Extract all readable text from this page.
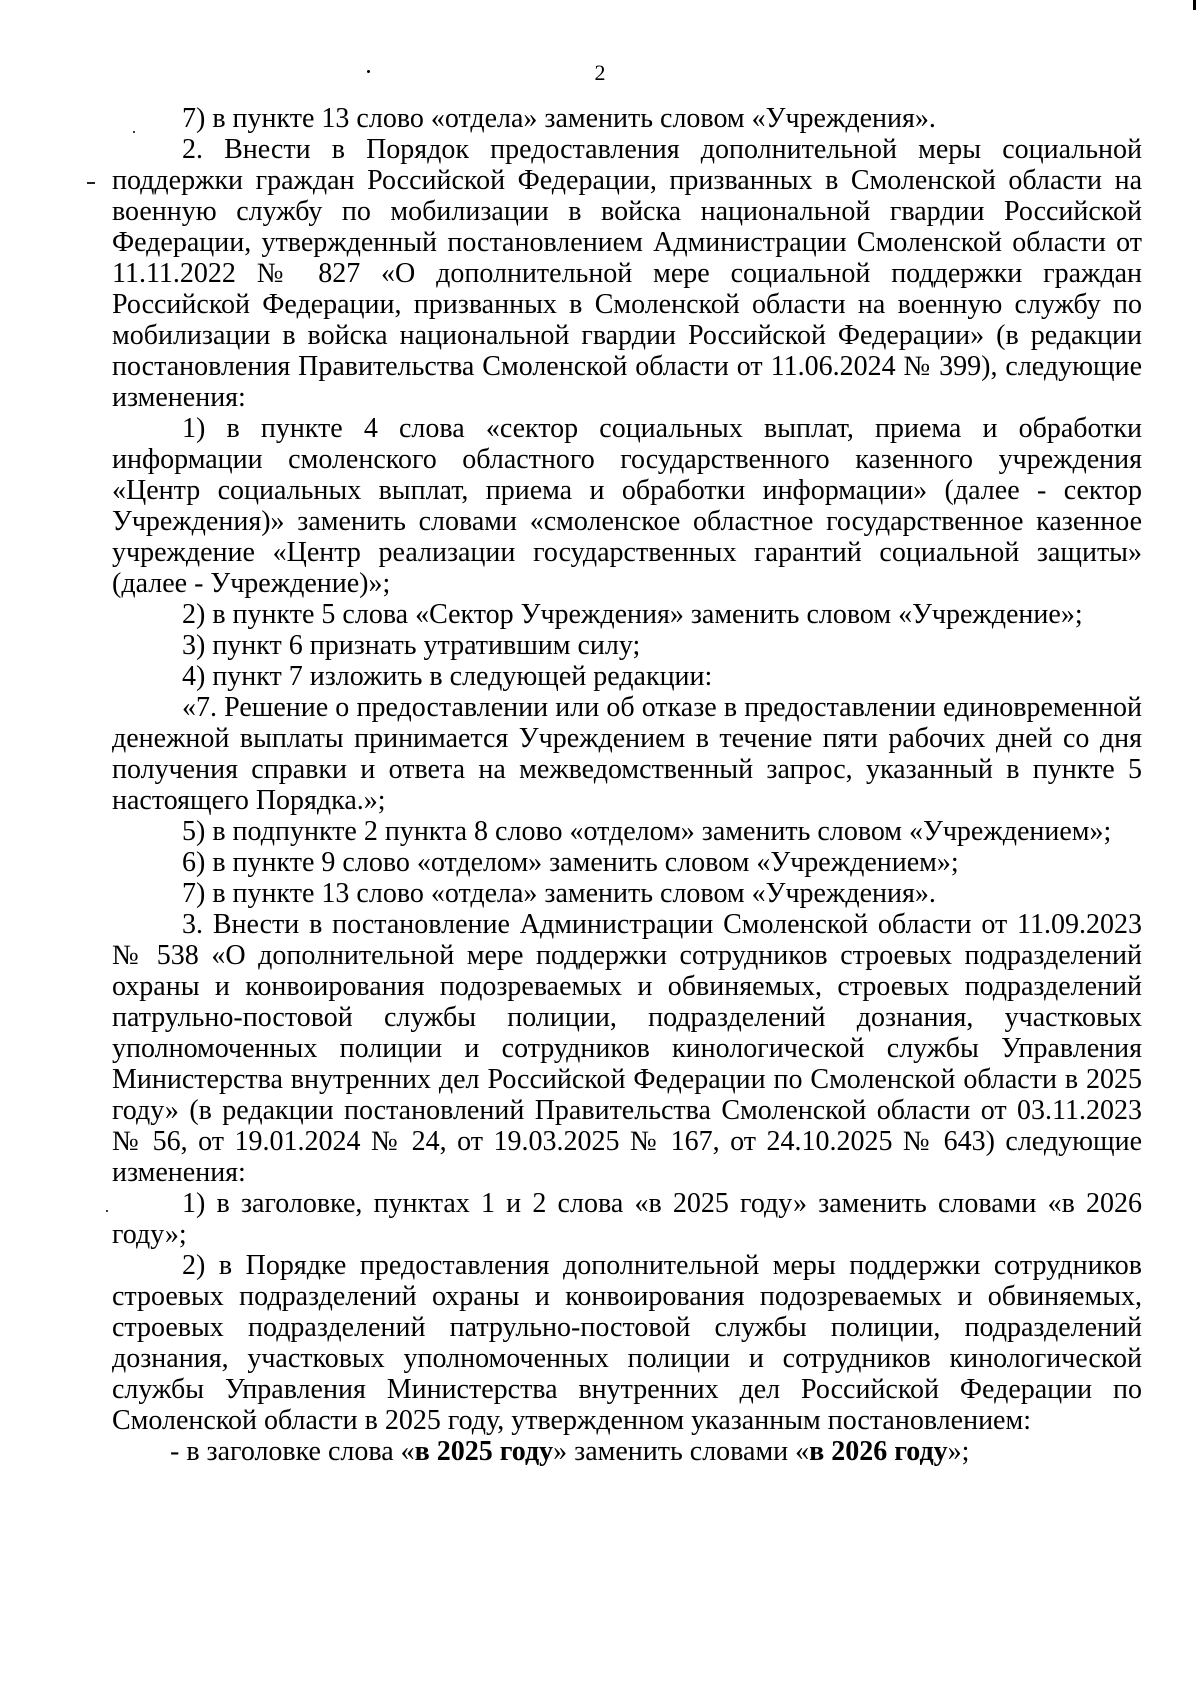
2

7) в пункте 13 слово «отдела» заменить словом «Учреждения».

2. Внести в Порядок предоставления дополнительной меры социальной поддержки граждан Российской Федерации, призванных в Смоленской области на военную службу по мобилизации в войска национальной гвардии Российской Федерации, утвержденный постановлением Администрации Смоленской области от 11.11.2022 № 827 «О дополнительной мере социальной поддержки граждан Российской Федерации, призванных в Смоленской области на военную службу по мобилизации в войска национальной гвардии Российской Федерации» (в редакции постановления Правительства Смоленской области от 11.06.2024 № 399), следующие изменения:

1) в пункте 4 слова «сектор социальных выплат, приема и обработки информации смоленского областного государственного казенного учреждения «Центр социальных выплат, приема и обработки информации» (далее - сектор Учреждения)» заменить словами «смоленское областное государственное казенное учреждение «Центр реализации государственных гарантий социальной защиты» (далее - Учреждение)»;

2) в пункте 5 слова «Сектор Учреждения» заменить словом «Учреждение»;

3) пункт 6 признать утратившим силу;

4) пункт 7 изложить в следующей редакции:

«7. Решение о предоставлении или об отказе в предоставлении единовременной денежной выплаты принимается Учреждением в течение пяти рабочих дней со дня получения справки и ответа на межведомственный запрос, указанный в пункте 5 настоящего Порядка.»;

5) в подпункте 2 пункта 8 слово «отделом» заменить словом «Учреждением»;

6) в пункте 9 слово «отделом» заменить словом «Учреждением»;

7) в пункте 13 слово «отдела» заменить словом «Учреждения».

3. Внести в постановление Администрации Смоленской области от 11.09.2023 № 538 «О дополнительной мере поддержки сотрудников строевых подразделений охраны и конвоирования подозреваемых и обвиняемых, строевых подразделений патрульно-постовой службы полиции, подразделений дознания, участковых уполномоченных полиции и сотрудников кинологической службы Управления Министерства внутренних дел Российской Федерации по Смоленской области в 2025 году» (в редакции постановлений Правительства Смоленской области от 03.11.2023 № 56, от 19.01.2024 № 24, от 19.03.2025 № 167, от 24.10.2025 № 643) следующие изменения:

1) в заголовке, пунктах 1 и 2 слова «в 2025 году» заменить словами «в 2026 году»;

2) в Порядке предоставления дополнительной меры поддержки сотрудников строевых подразделений охраны и конвоирования подозреваемых и обвиняемых, строевых подразделений патрульно-постовой службы полиции, подразделений дознания, участковых уполномоченных полиции и сотрудников кинологической службы Управления Министерства внутренних дел Российской Федерации по Смоленской области в 2025 году, утвержденном указанным постановлением:

- в заголовке слова «в 2025 году» заменить словами «в 2026 году»;
